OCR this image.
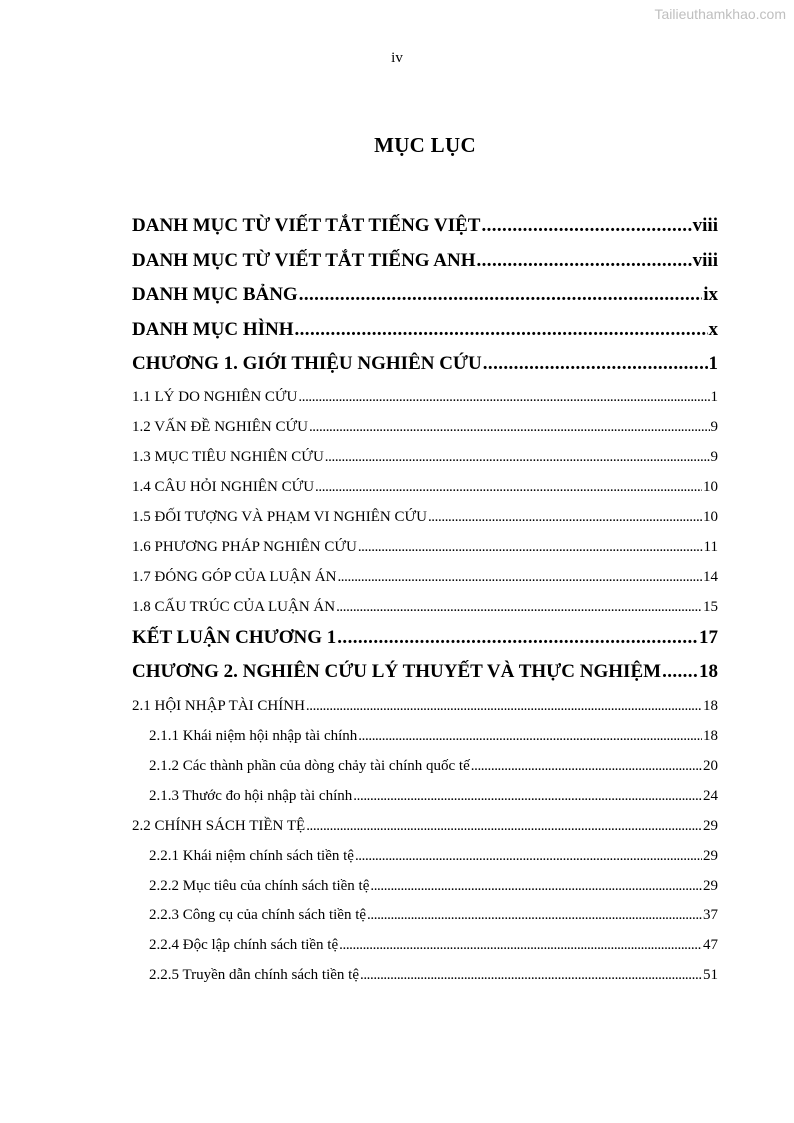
Tailieuthamkhao.com
iv
MỤC LỤC
DANH MỤC TỪ VIẾT TẮT TIẾNG VIỆT .....	viii
DANH MỤC TỪ VIẾT TẮT TIẾNG ANH .....	viii
DANH MỤC BẢNG .....	ix
DANH MỤC HÌNH .....	x
CHƯƠNG 1. GIỚI THIỆU NGHIÊN CỨU .....	1
1.1 LÝ DO NGHIÊN CỨU .....	1
1.2 VẤN ĐỀ NGHIÊN CỨU .....	9
1.3 MỤC TIÊU NGHIÊN CỨU .....	9
1.4 CÂU HỎI NGHIÊN CỨU .....	10
1.5 ĐỐI TƯỢNG VÀ PHẠM VI NGHIÊN CỨU .....	10
1.6 PHƯƠNG PHÁP NGHIÊN CỨU .....	11
1.7 ĐÓNG GÓP CỦA LUẬN ÁN .....	14
1.8 CẤU TRÚC CỦA LUẬN ÁN .....	15
KẾT LUẬN CHƯƠNG 1 .....	17
CHƯƠNG 2. NGHIÊN CỨU LÝ THUYẾT VÀ THỰC NGHIỆM ..... 18
2.1 HỘI NHẬP TÀI CHÍNH .....	18
2.1.1 Khái niệm hội nhập tài chính .....	18
2.1.2 Các thành phần của dòng chảy tài chính quốc tế .....	20
2.1.3 Thước đo hội nhập tài chính .....	24
2.2 CHÍNH SÁCH TIỀN TỆ .....	29
2.2.1 Khái niệm chính sách tiền tệ .....	29
2.2.2 Mục tiêu của chính sách tiền tệ .....	29
2.2.3 Công cụ của chính sách tiền tệ .....	37
2.2.4 Độc lập chính sách tiền tệ .....	47
2.2.5 Truyền dẫn chính sách tiền tệ .....	51
